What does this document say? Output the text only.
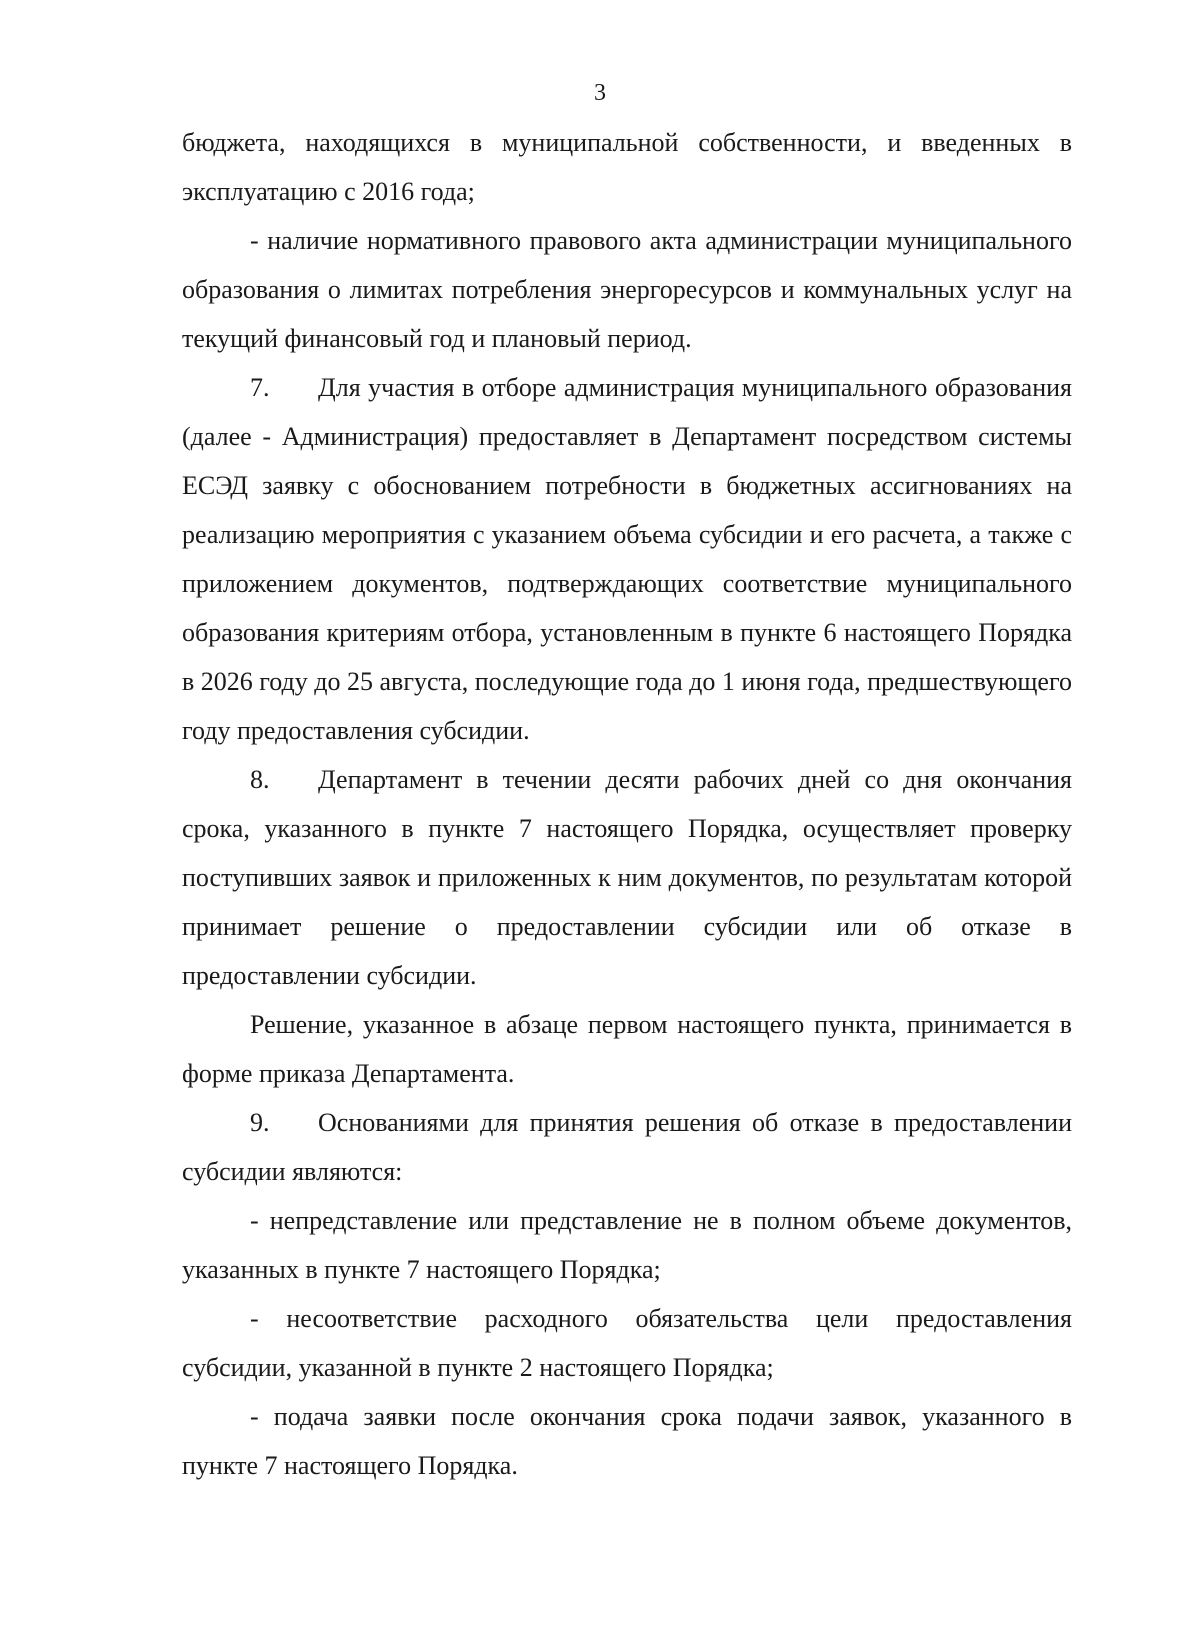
3

бюджета, находящихся в муниципальной собственности, и введенных в эксплуатацию с 2016 года;

- наличие нормативного правового акта администрации муниципального образования о лимитах потребления энергоресурсов и коммунальных услуг на текущий финансовый год и плановый период.

7. Для участия в отборе администрация муниципального образования (далее - Администрация) предоставляет в Департамент посредством системы ЕСЭД заявку с обоснованием потребности в бюджетных ассигнованиях на реализацию мероприятия с указанием объема субсидии и его расчета, а также с приложением документов, подтверждающих соответствие муниципального образования критериям отбора, установленным в пункте 6 настоящего Порядка в 2026 году до 25 августа, последующие года до 1 июня года, предшествующего году предоставления субсидии.

8. Департамент в течении десяти рабочих дней со дня окончания срока, указанного в пункте 7 настоящего Порядка, осуществляет проверку поступивших заявок и приложенных к ним документов, по результатам которой принимает решение о предоставлении субсидии или об отказе в предоставлении субсидии.

Решение, указанное в абзаце первом настоящего пункта, принимается в форме приказа Департамента.

9. Основаниями для принятия решения об отказе в предоставлении субсидии являются:

- непредставление или представление не в полном объеме документов, указанных в пункте 7 настоящего Порядка;

- несоответствие расходного обязательства цели предоставления субсидии, указанной в пункте 2 настоящего Порядка;

- подача заявки после окончания срока подачи заявок, указанного в пункте 7 настоящего Порядка.
